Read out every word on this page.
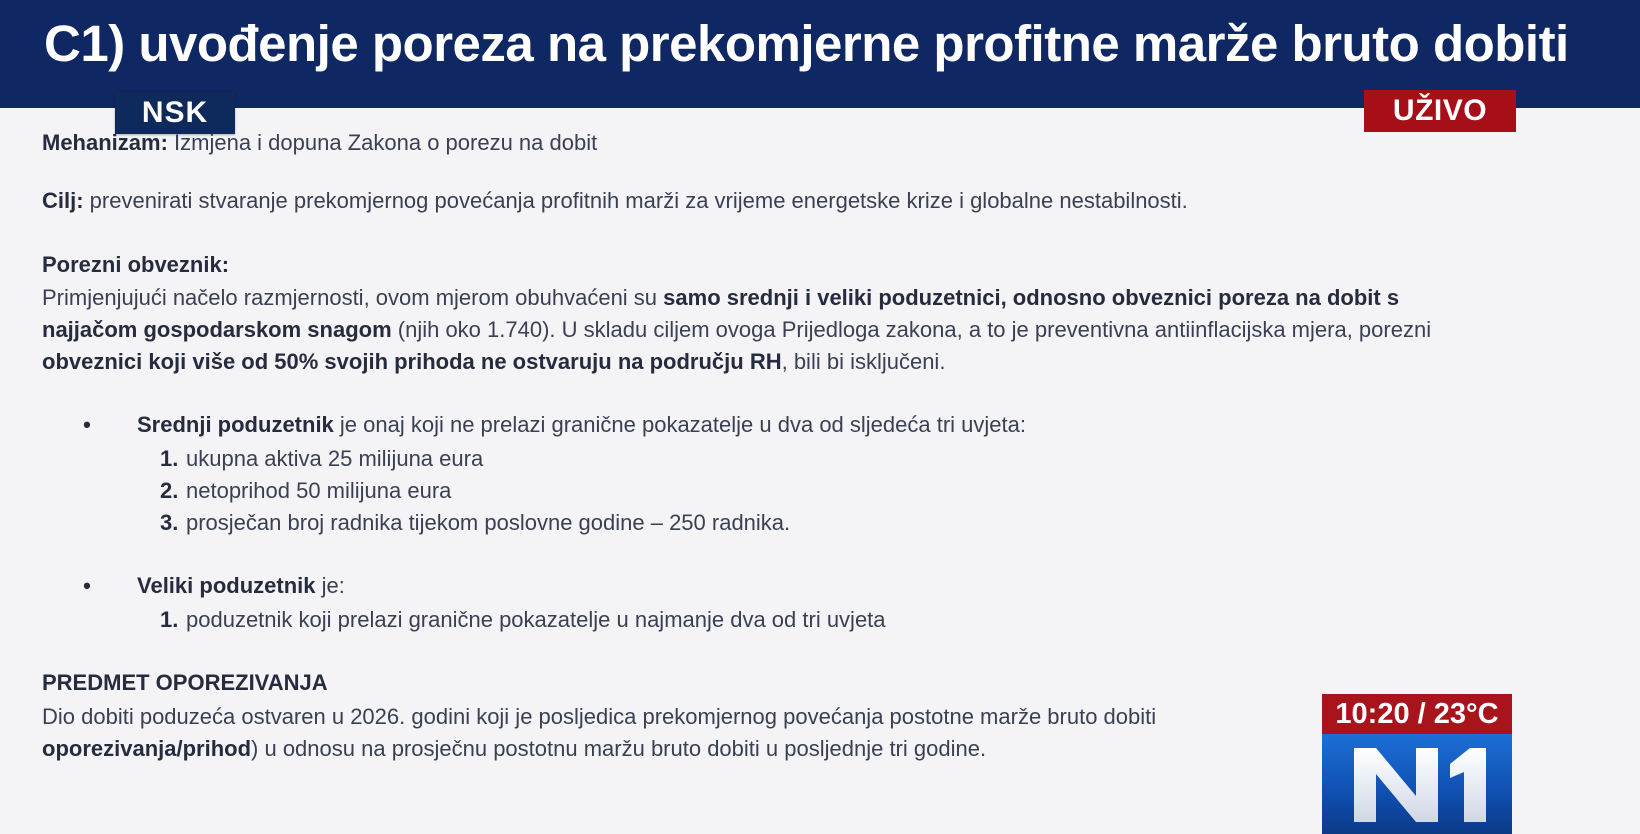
C1) uvođenje poreza na prekomjerne profitne marže bruto dobiti
NSK	UŽIVO
Mehanizam: Izmjena i dopuna Zakona o porezu na dobit
Cilj: prevenirati stvaranje prekomjernog povećanja profitnih marži za vrijeme energetske krize i globalne nestabilnosti.
Porezni obveznik:
Primjenjujući načelo razmjernosti, ovom mjerom obuhvaćeni su samo srednji i veliki poduzetnici, odnosno obveznici poreza na dobit s
najjačom gospodarskom snagom (njih oko 1.740). U skladu ciljem ovoga Prijedloga zakona, a to je preventivna antiinflacijska mjera, porezni
obveznici koji više od 50% svojih prihoda ne ostvaruju na području RH, bili bi isključeni.
• Srednji poduzetnik je onaj koji ne prelazi granične pokazatelje u dva od sljedeća tri uvjeta:
1. ukupna aktiva 25 milijuna eura
2. netoprihod 50 milijuna eura
3. prosječan broj radnika tijekom poslovne godine – 250 radnika.
• Veliki poduzetnik je:
1. poduzetnik koji prelazi granične pokazatelje u najmanje dva od tri uvjeta
PREDMET OPOREZIVANJA
Dio dobiti poduzeća ostvaren u 2026. godini koji je posljedica prekomjernog povećanja postotne marže bruto dobiti
oporezivanja/prihod) u odnosu na prosječnu postotnu maržu bruto dobiti u posljednje tri godine.
10:20 / 23°C
